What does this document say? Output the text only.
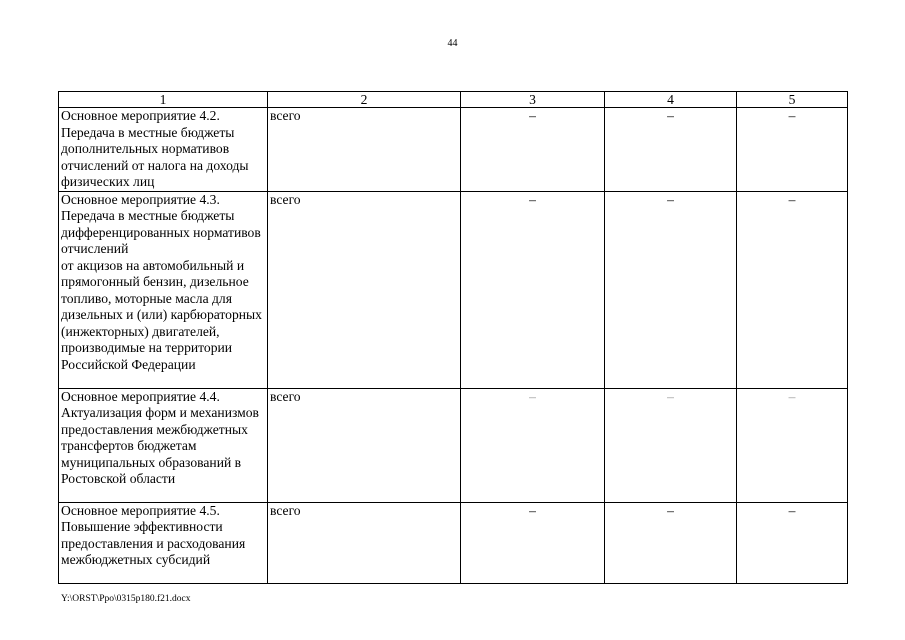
44
1	2	3	4	5
Основное мероприятие 4.2.
Передача в местные бюджеты дополнительных нормативов отчислений от налога на доходы физических лиц	всего	–	–	–
Основное мероприятие 4.3.
Передача в местные бюджеты дифференцированных нормативов отчислений
от акцизов на автомобильный и прямогонный бензин, дизельное топливо, моторные масла для дизельных и (или) карбюраторных (инжекторных) двигателей, производимые на территории Российской Федерации	всего	–	–	–
Основное мероприятие 4.4.
Актуализация форм и механизмов предоставления межбюджетных трансфертов бюджетам муниципальных образований в Ростовской области	всего	–	–	–
Основное мероприятие 4.5.
Повышение эффективности предоставления и расходования межбюджетных субсидий	всего	–	–	–
Y:\ORST\Ppo\0315p180.f21.docx
